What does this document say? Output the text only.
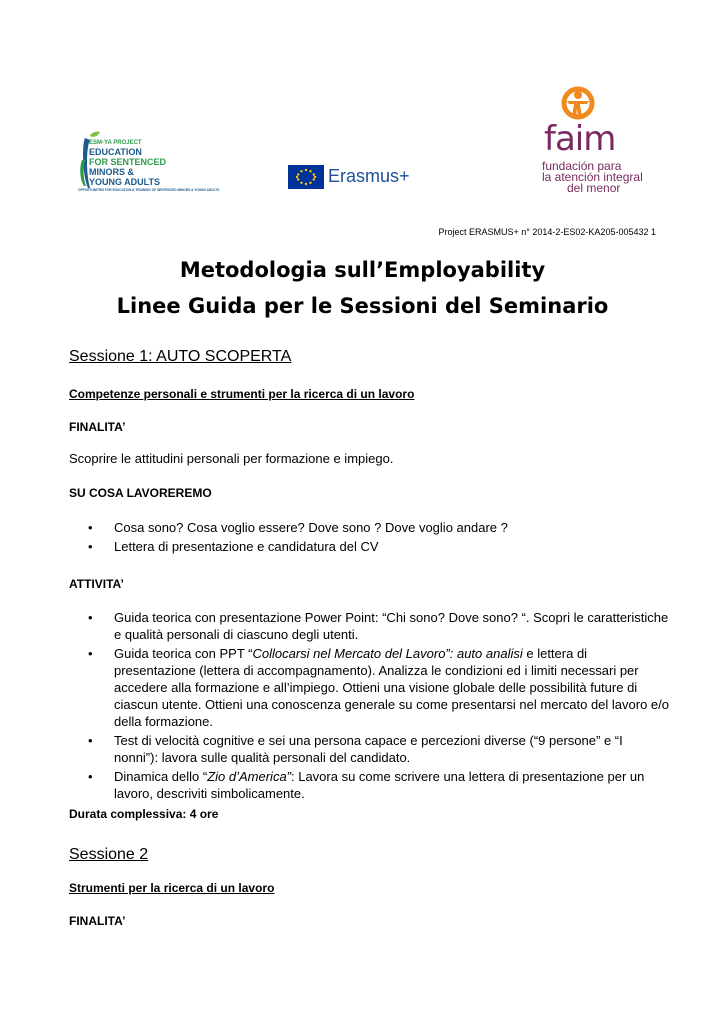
ESM-YA PROJECT
EDUCATION
FOR SENTENCED
MINORS &
YOUNG ADULTS
OPPORTUNITIES FOR EDUCATION & TRAINING OF SENTENCED MINORS & YOUNG ADULTS
Erasmus+
faim
fundación para
la atención integral
del menor
Project ERASMUS+ n° 2014-2-ES02-KA205-005432 1
Metodologia sull’Employability
Linee Guida per le Sessioni del Seminario
Sessione 1: AUTO SCOPERTA
Competenze personali e strumenti per la ricerca di un lavoro
FINALITA’
Scoprire le attitudini personali per formazione e impiego.
SU COSA LAVOREREMO
• Cosa sono? Cosa voglio essere? Dove sono ? Dove voglio andare ?
• Lettera di presentazione e candidatura del CV
ATTIVITA’
• Guida teorica con presentazione Power Point: “Chi sono? Dove sono? “. Scopri le caratteristiche e qualità personali di ciascuno degli utenti.
• Guida teorica con PPT “Collocarsi nel Mercato del Lavoro”: auto analisi e lettera di presentazione (lettera di accompagnamento). Analizza le condizioni ed i limiti necessari per accedere alla formazione e all’impiego. Ottieni una visione globale delle possibilità future di ciascun utente. Ottieni una conoscenza generale su come presentarsi nel mercato del lavoro e/o della formazione.
• Test di velocità cognitive e sei una persona capace e percezioni diverse (“9 persone” e “I nonni”): lavora sulle qualità personali del candidato.
• Dinamica dello “Zio d’America”: Lavora su come scrivere una lettera di presentazione per un lavoro, descriviti simbolicamente.
Durata complessiva: 4 ore
Sessione 2
Strumenti per la ricerca di un lavoro
FINALITA’
